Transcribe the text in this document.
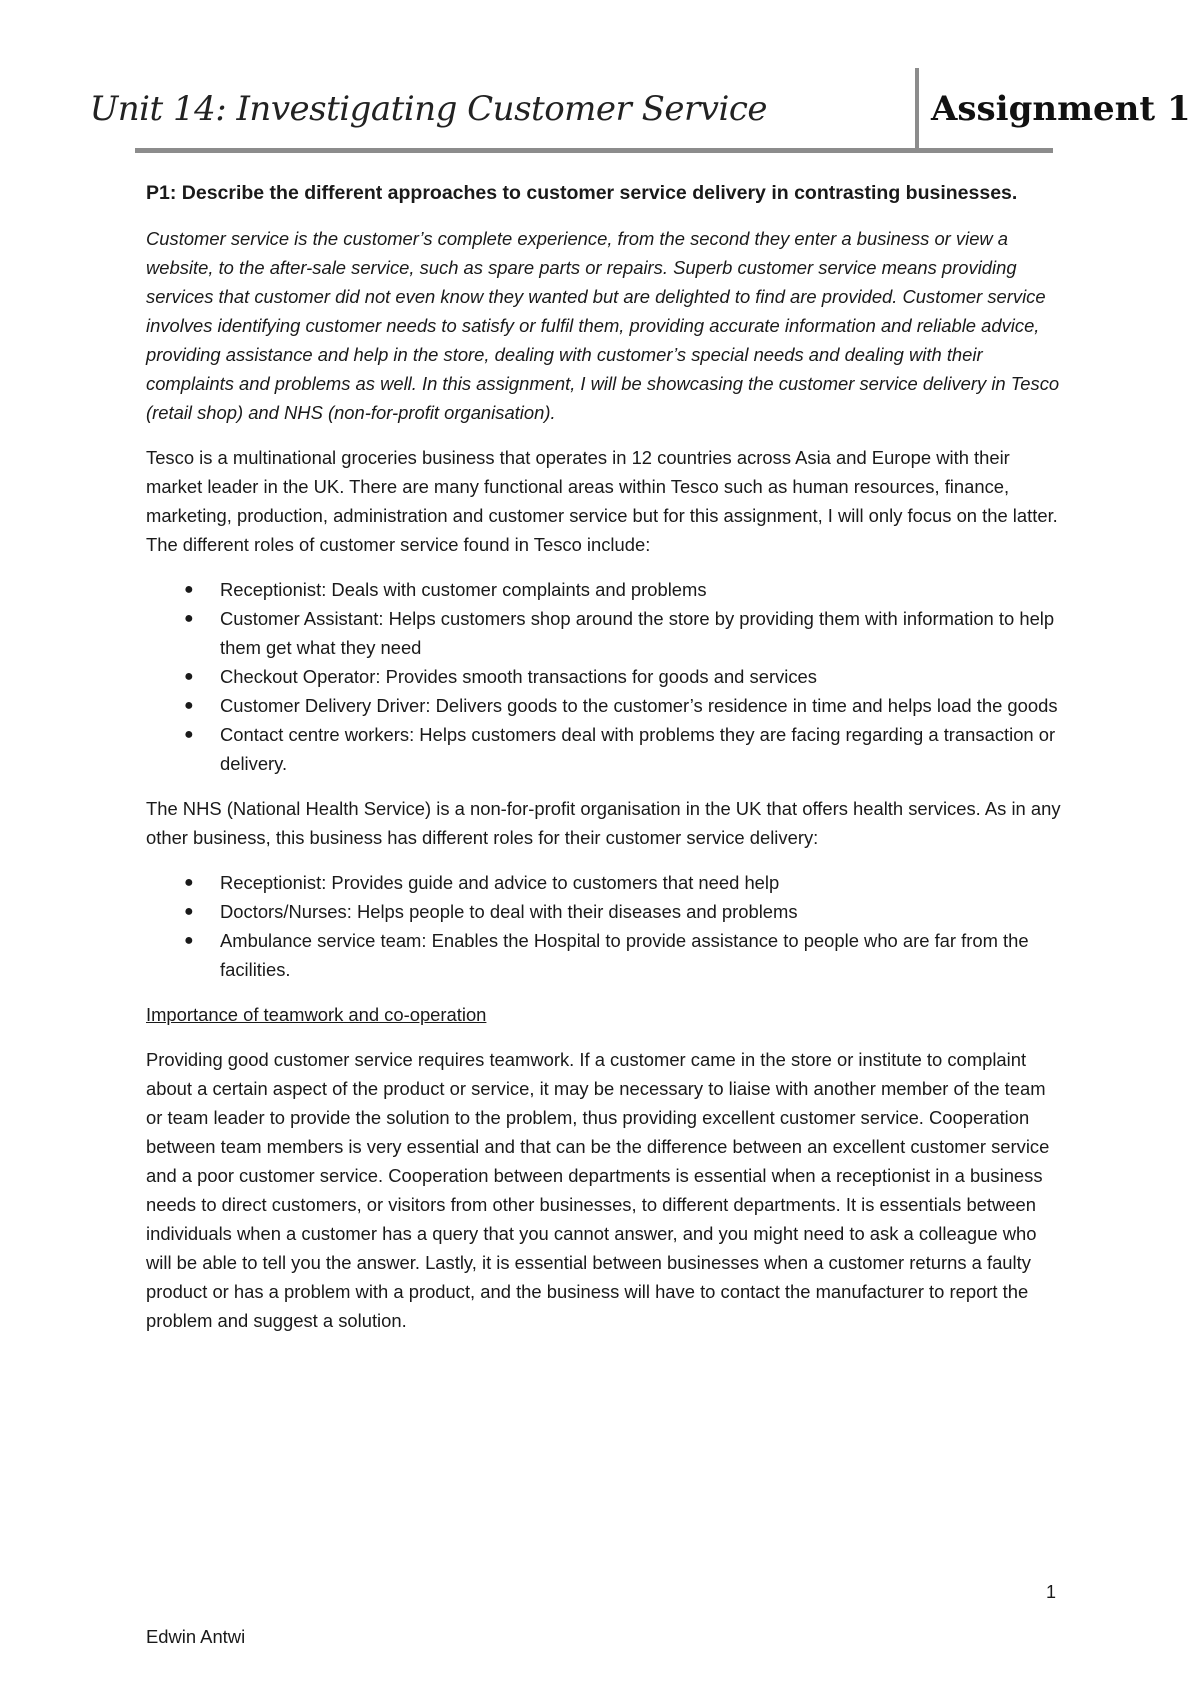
Unit 14: Investigating Customer Service	Assignment 1

P1: Describe the different approaches to customer service delivery in contrasting businesses.

Customer service is the customer’s complete experience, from the second they enter a business or view a website, to the after-sale service, such as spare parts or repairs. Superb customer service means providing services that customer did not even know they wanted but are delighted to find are provided. Customer service involves identifying customer needs to satisfy or fulfil them, providing accurate information and reliable advice, providing assistance and help in the store, dealing with customer’s special needs and dealing with their complaints and problems as well. In this assignment, I will be showcasing the customer service delivery in Tesco (retail shop) and NHS (non-for-profit organisation).

Tesco is a multinational groceries business that operates in 12 countries across Asia and Europe with their market leader in the UK. There are many functional areas within Tesco such as human resources, finance, marketing, production, administration and customer service but for this assignment, I will only focus on the latter. The different roles of customer service found in Tesco include:

● Receptionist: Deals with customer complaints and problems
● Customer Assistant: Helps customers shop around the store by providing them with information to help them get what they need
● Checkout Operator: Provides smooth transactions for goods and services
● Customer Delivery Driver: Delivers goods to the customer’s residence in time and helps load the goods
● Contact centre workers: Helps customers deal with problems they are facing regarding a transaction or delivery.

The NHS (National Health Service) is a non-for-profit organisation in the UK that offers health services. As in any other business, this business has different roles for their customer service delivery:

● Receptionist: Provides guide and advice to customers that need help
● Doctors/Nurses: Helps people to deal with their diseases and problems
● Ambulance service team: Enables the Hospital to provide assistance to people who are far from the facilities.

Importance of teamwork and co-operation

Providing good customer service requires teamwork. If a customer came in the store or institute to complaint about a certain aspect of the product or service, it may be necessary to liaise with another member of the team or team leader to provide the solution to the problem, thus providing excellent customer service. Cooperation between team members is very essential and that can be the difference between an excellent customer service and a poor customer service. Cooperation between departments is essential when a receptionist in a business needs to direct customers, or visitors from other businesses, to different departments. It is essentials between individuals when a customer has a query that you cannot answer, and you might need to ask a colleague who will be able to tell you the answer. Lastly, it is essential between businesses when a customer returns a faulty product or has a problem with a product, and the business will have to contact the manufacturer to report the problem and suggest a solution.

1
Edwin Antwi
